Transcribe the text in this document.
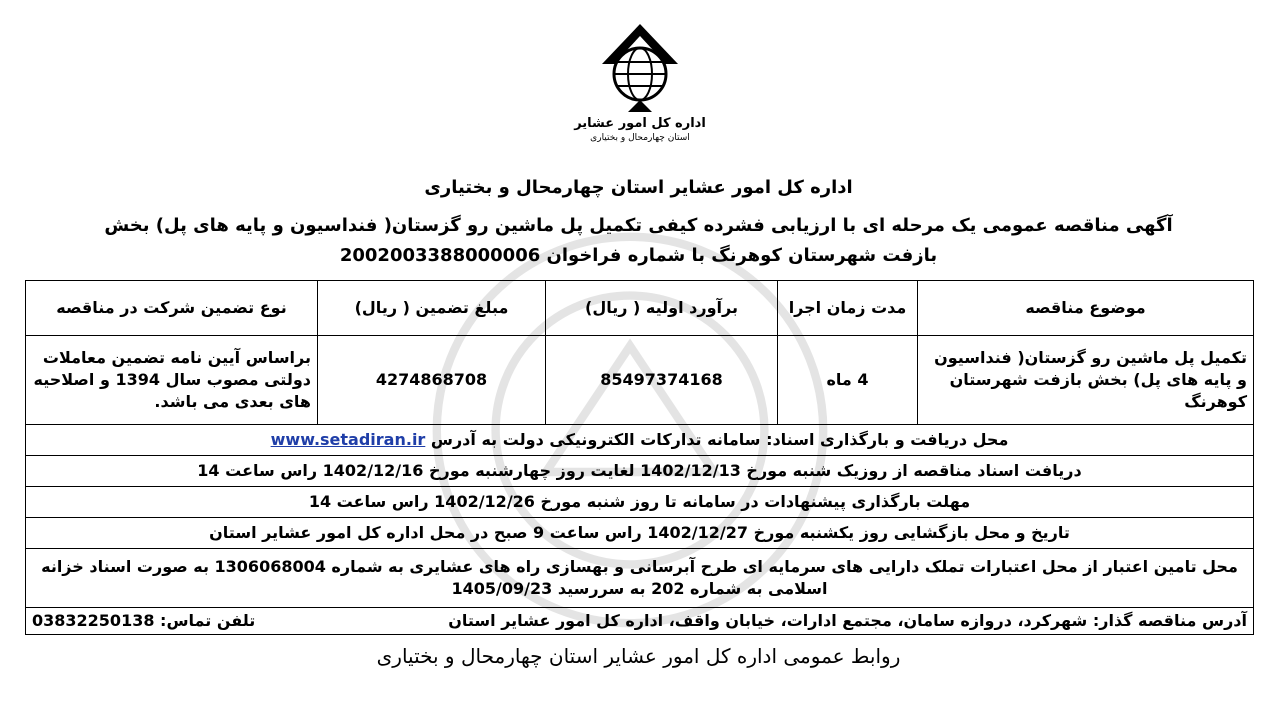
اداره کل امور عشایر
استان چهارمحال و بختیاری
اداره کل امور عشایر استان چهارمحال و بختیاری
آگهی مناقصه عمومی یک مرحله ای با ارزیابی فشرده کیفی تکمیل پل ماشین رو گزستان( فنداسیون و پایه های پل) بخش
بازفت شهرستان کوهرنگ با شماره فراخوان 2002003388000006
موضوع مناقصه	مدت زمان اجرا	برآورد اولیه ( ریال)	مبلغ تضمین ( ریال)	نوع تضمین شرکت در مناقصه
تکمیل پل ماشین رو گزستان( فنداسیون و پایه های پل) بخش بازفت شهرستان کوهرنگ	4 ماه	85497374168	4274868708	براساس آیین نامه تضمین معاملات دولتی مصوب سال 1394 و اصلاحیه های بعدی می باشد.
محل دریافت و بارگذاری اسناد: سامانه تدارکات الکترونیکی دولت به آدرس www.setadiran.ir				
دریافت اسناد مناقصه از روزیک شنبه مورخ 1402/12/13 لغایت روز چهارشنبه مورخ 1402/12/16 راس ساعت 14				
مهلت بارگذاری پیشنهادات در سامانه تا روز شنبه مورخ 1402/12/26 راس ساعت 14				
تاریخ و محل بازگشایی روز یکشنبه مورخ 1402/12/27 راس ساعت 9 صبح در محل اداره کل امور عشایر استان				
محل تامین اعتبار از محل اعتبارات تملک دارایی های سرمایه ای طرح آبرسانی و بهسازی راه های عشایری به شماره 1306068004 به صورت اسناد خزانه اسلامی به شماره 202 به سررسید 1405/09/23				

آدرس مناقصه گذار: شهرکرد، دروازه سامان، مجتمع ادارات، خیابان واقف، اداره کل امور عشایر استان
تلفن تماس: 03832250138				
روابط عمومی اداره کل امور عشایر استان چهارمحال و بختیاری
